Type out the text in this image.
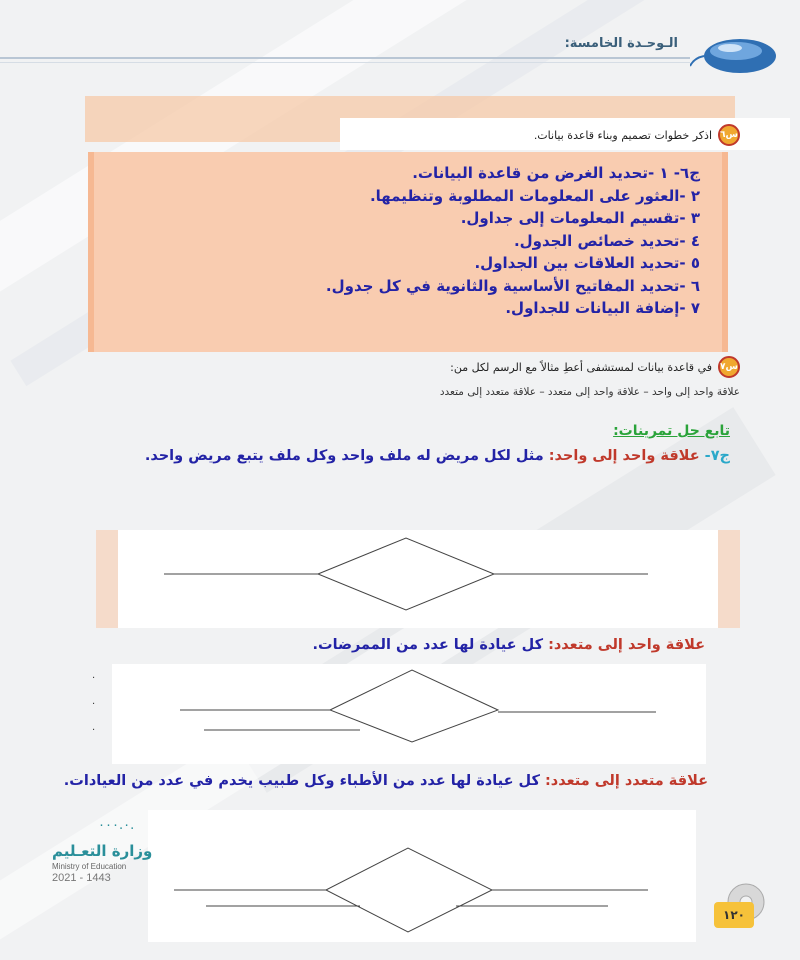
الـوحـدة الخامسة:
س
٦
اذكر خطوات تصميم وبناء قاعدة بيانات.
ج٦- ١ -تحديد الغرض من قاعدة البيانات.
٢ -العثور على المعلومات المطلوبة وتنظيمها.
٣ -تقسيم المعلومات إلى جداول.
٤ -تحديد خصائص الجدول.
٥ -تحديد العلاقات بين الجداول.
٦ -تحديد المفاتيح الأساسية والثانوية في كل جدول.
٧ -إضافة البيانات للجداول.
س
٧
في قاعدة بيانات لمستشفى أعطِ مثالاً مع الرسم لكل من:
علاقة واحد إلى واحد – علاقة واحد إلى متعدد – علاقة متعدد إلى متعدد
تابع حل تمرينات:
ج٧- علاقة واحد إلى واحد: مثل لكل مريض له ملف واحد وكل ملف يتبع مريض واحد.
علاقة واحد إلى متعدد: كل عيادة لها عدد من الممرضات.
علاقة متعدد إلى متعدد: كل عيادة لها عدد من الأطباء وكل طبيب يخدم في عدد من العيادات.
·
·
·
٠٠٠.٠.
وزارة التعـليم
Ministry of Education
2021 - 1443
١٢٠
